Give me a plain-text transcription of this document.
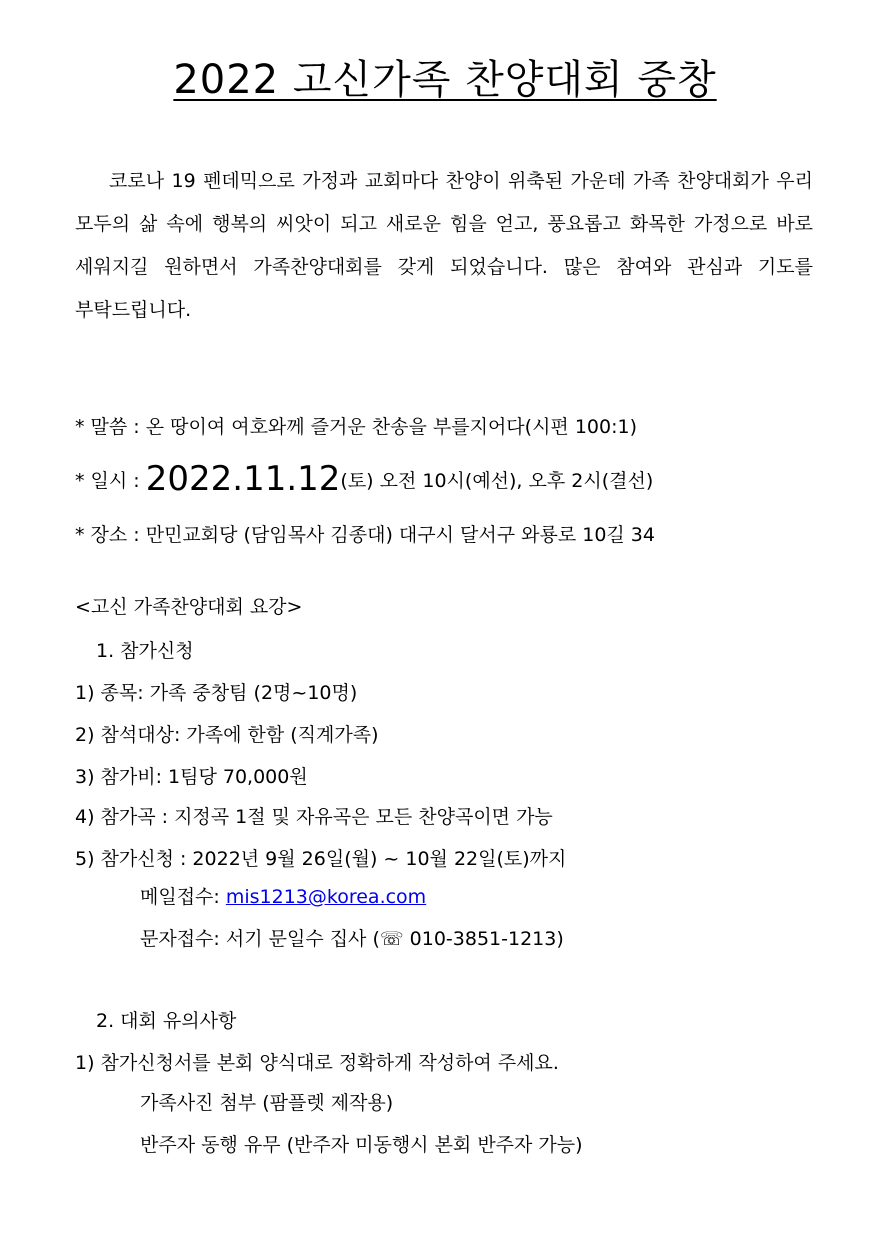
2022 고신가족 찬양대회 중창
코로나 19 펜데믹으로 가정과 교회마다 찬양이 위축된 가운데 가족 찬양대회가 우리 모두의 삶 속에 행복의 씨앗이 되고 새로운 힘을 얻고, 풍요롭고 화목한 가정으로 바로 세워지길 원하면서 가족찬양대회를 갖게 되었습니다. 많은 참여와 관심과 기도를 부탁드립니다.
* 말씀 : 온 땅이여 여호와께 즐거운 찬송을 부를지어다(시편 100:1)
* 일시 : 2022.11.12(토) 오전 10시(예선), 오후 2시(결선)
* 장소 : 만민교회당 (담임목사 김종대) 대구시 달서구 와룡로 10길 34
<고신 가족찬양대회 요강>
1. 참가신청
1) 종목: 가족 중창팀 (2명~10명)
2) 참석대상: 가족에 한함 (직계가족)
3) 참가비: 1팀당 70,000원
4) 참가곡 : 지정곡 1절 및 자유곡은 모든 찬양곡이면 가능
5) 참가신청 : 2022년 9월 26일(월) ~ 10월 22일(토)까지
메일접수: mis1213@korea.com
문자접수: 서기 문일수 집사 (☏ 010-3851-1213)
2. 대회 유의사항
1) 참가신청서를 본회 양식대로 정확하게 작성하여 주세요.
가족사진 첨부 (팜플렛 제작용)
반주자 동행 유무 (반주자 미동행시 본회 반주자 가능)
